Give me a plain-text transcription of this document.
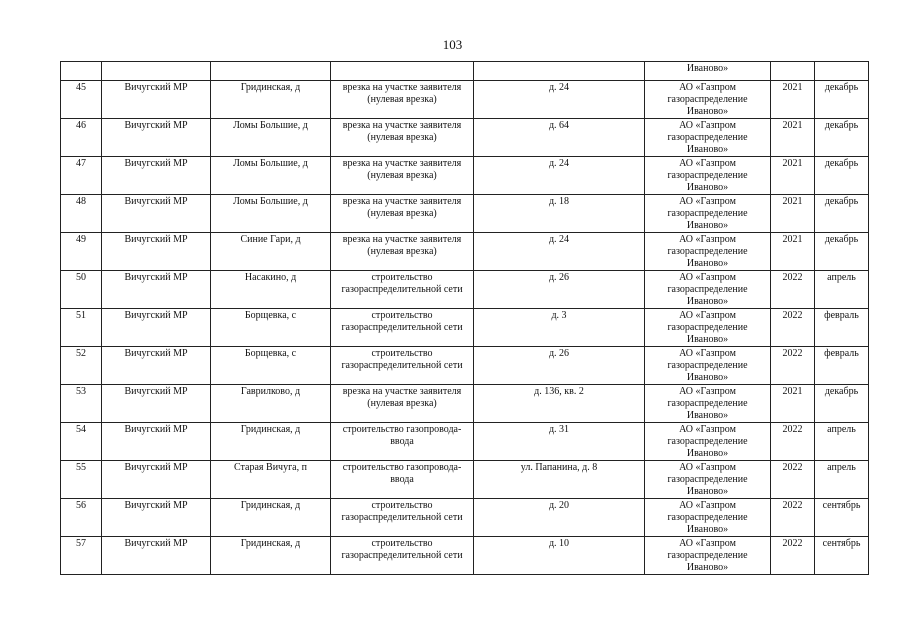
103
					Иваново»		
45	Вичугский МР	Гридинская, д	врезка на участке заявителя (нулевая врезка)	д. 24	АО «Газпром газораспределение Иваново»	2021	декабрь
46	Вичугский МР	Ломы Большие, д	врезка на участке заявителя (нулевая врезка)	д. 64	АО «Газпром газораспределение Иваново»	2021	декабрь
47	Вичугский МР	Ломы Большие, д	врезка на участке заявителя (нулевая врезка)	д. 24	АО «Газпром газораспределение Иваново»	2021	декабрь
48	Вичугский МР	Ломы Большие, д	врезка на участке заявителя (нулевая врезка)	д. 18	АО «Газпром газораспределение Иваново»	2021	декабрь
49	Вичугский МР	Синие Гари, д	врезка на участке заявителя (нулевая врезка)	д. 24	АО «Газпром газораспределение Иваново»	2021	декабрь
50	Вичугский МР	Насакино, д	строительство газораспределительной сети	д. 26	АО «Газпром газораспределение Иваново»	2022	апрель
51	Вичугский МР	Борщевка, с	строительство газораспределительной сети	д. 3	АО «Газпром газораспределение Иваново»	2022	февраль
52	Вичугский МР	Борщевка, с	строительство газораспределительной сети	д. 26	АО «Газпром газораспределение Иваново»	2022	февраль
53	Вичугский МР	Гаврилково, д	врезка на участке заявителя (нулевая врезка)	д. 136, кв. 2	АО «Газпром газораспределение Иваново»	2021	декабрь
54	Вичугский МР	Гридинская, д	строительство газопровода-ввода	д. 31	АО «Газпром газораспределение Иваново»	2022	апрель
55	Вичугский МР	Старая Вичуга, п	строительство газопровода-ввода	ул. Папанина, д. 8	АО «Газпром газораспределение Иваново»	2022	апрель
56	Вичугский МР	Гридинская, д	строительство газораспределительной сети	д. 20	АО «Газпром газораспределение Иваново»	2022	сентябрь
57	Вичугский МР	Гридинская, д	строительство газораспределительной сети	д. 10	АО «Газпром газораспределение Иваново»	2022	сентябрь
